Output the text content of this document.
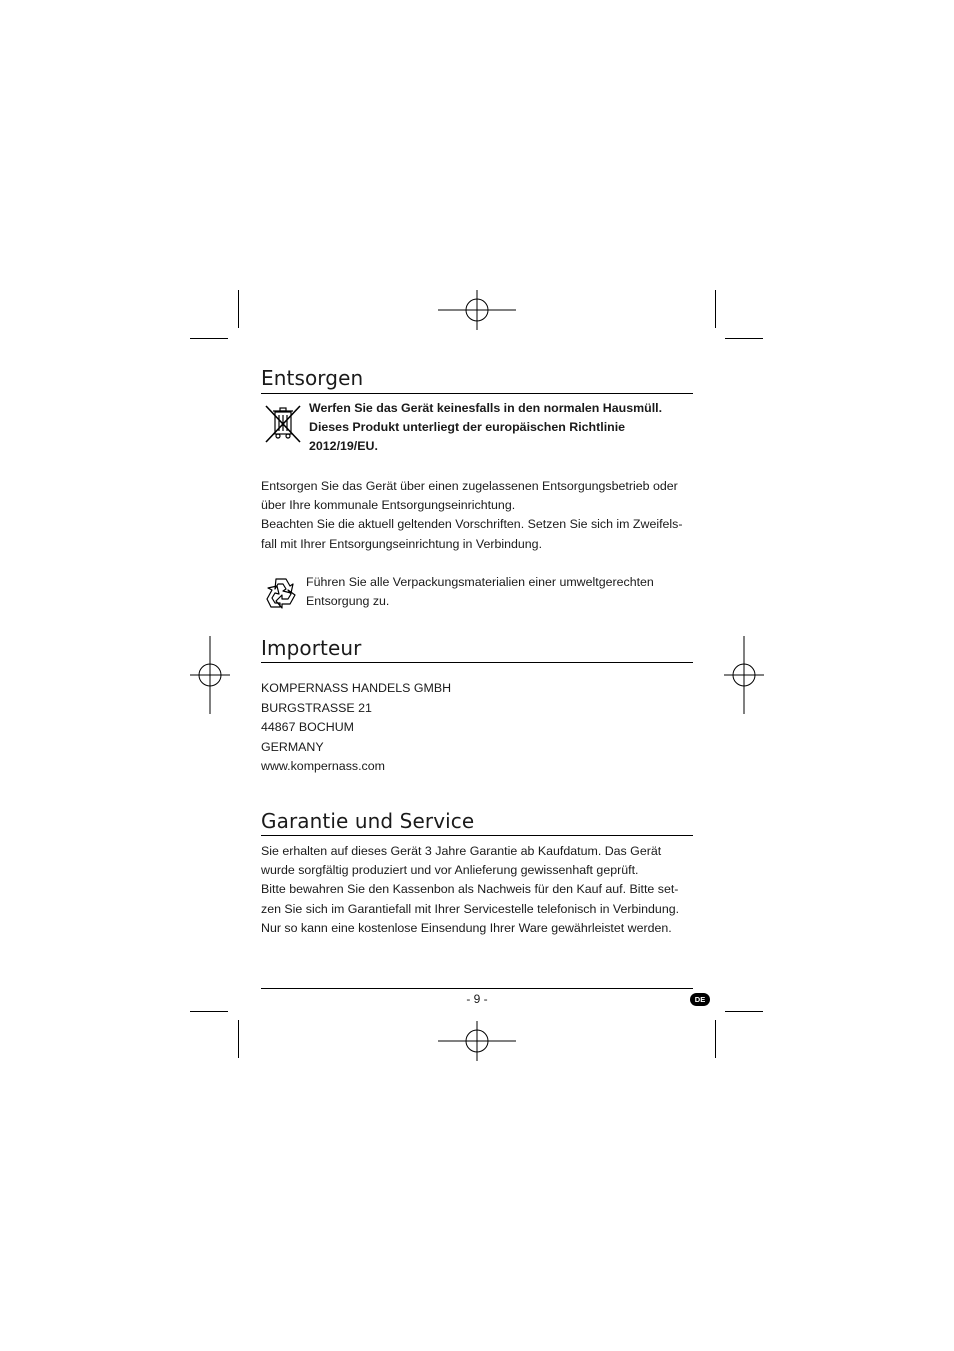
Entsorgen
Werfen Sie das Gerät keinesfalls in den normalen Hausmüll.
Dieses Produkt unterliegt der europäischen Richtlinie
2012/19/EU.
Entsorgen Sie das Gerät über einen zugelassenen Entsorgungsbetrieb oder
über Ihre kommunale Entsorgungseinrichtung.
Beachten Sie die aktuell geltenden Vorschriften. Setzen Sie sich im Zweifels-
fall mit Ihrer Entsorgungseinrichtung in Verbindung.
Führen Sie alle Verpackungsmaterialien einer umweltgerechten
Entsorgung zu.
Importeur
KOMPERNASS HANDELS GMBH
BURGSTRASSE 21
44867 BOCHUM
GERMANY
www.kompernass.com
Garantie und Service
Sie erhalten auf dieses Gerät 3 Jahre Garantie ab Kaufdatum. Das Gerät
wurde sorgfältig produziert und vor Anlieferung gewissenhaft geprüft.
Bitte bewahren Sie den Kassenbon als Nachweis für den Kauf auf. Bitte set-
zen Sie sich im Garantiefall mit Ihrer Servicestelle telefonisch in Verbindung.
Nur so kann eine kostenlose Einsendung Ihrer Ware gewährleistet werden.
- 9 -	DE
